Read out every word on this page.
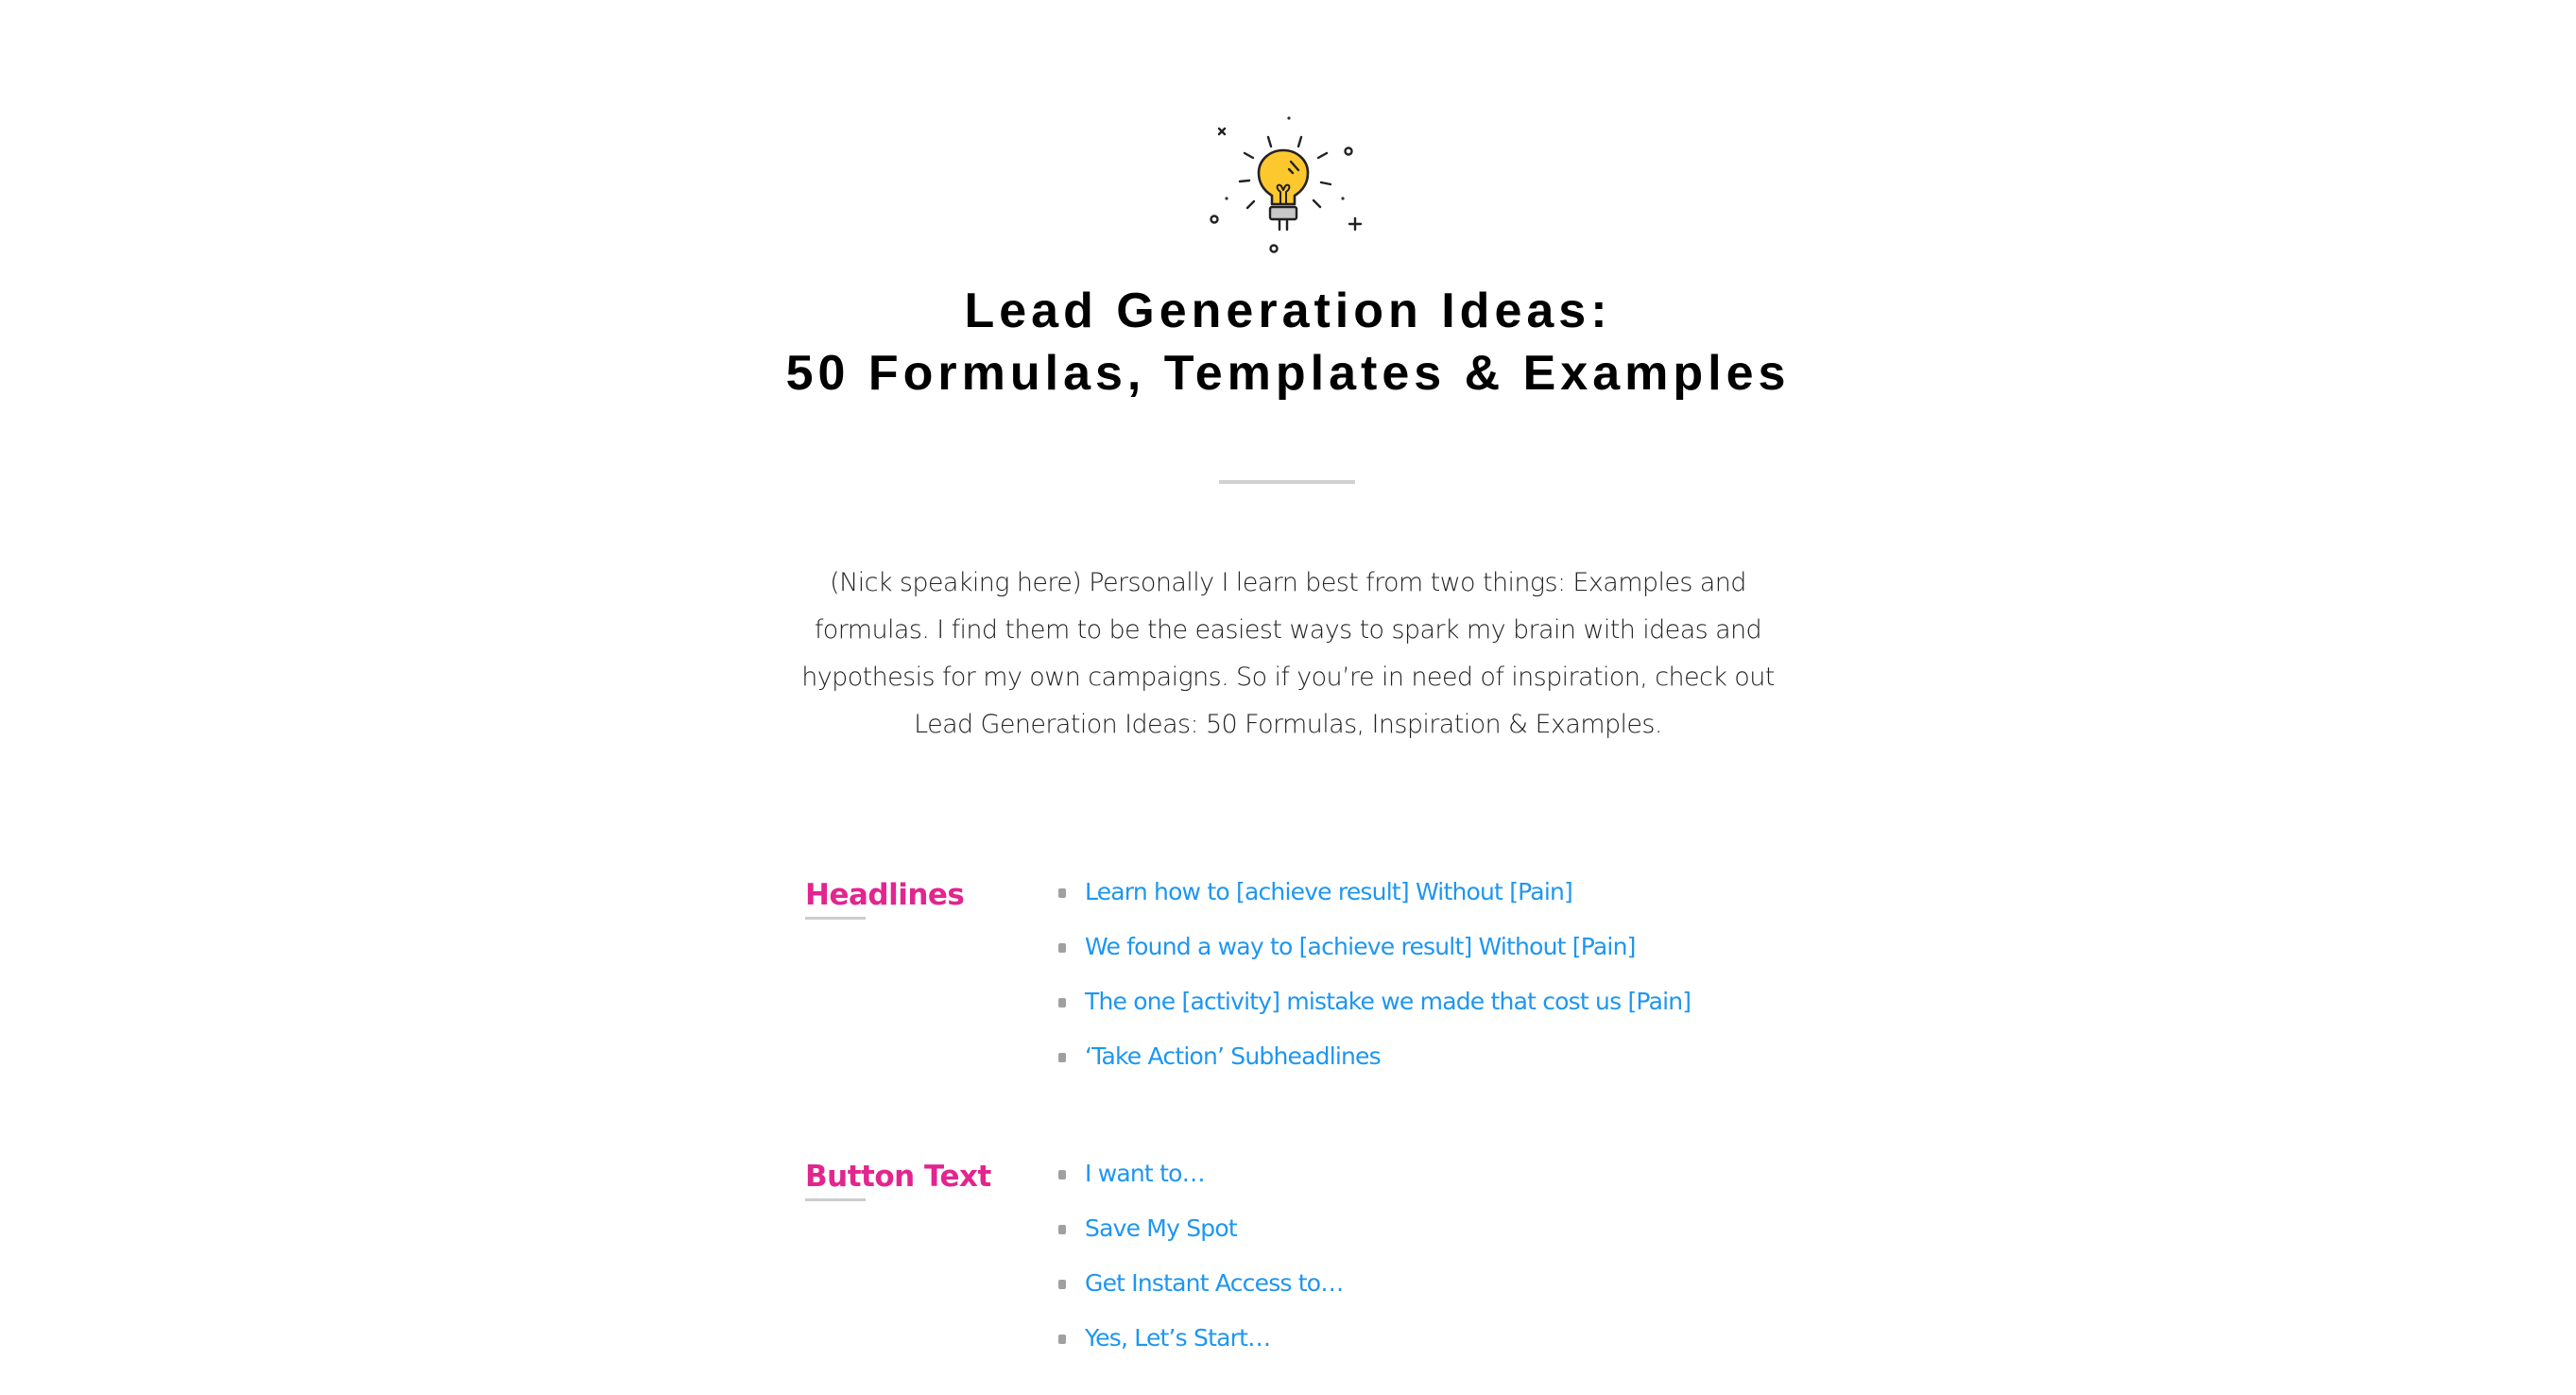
Lead Generation Ideas:
50 Formulas, Templates & Examples

(Nick speaking here) Personally I learn best from two things: Examples and formulas. I find them to be the easiest ways to spark my brain with ideas and hypothesis for my own campaigns. So if you’re in need of inspiration, check out Lead Generation Ideas: 50 Formulas, Inspiration & Examples.

Headlines	Learn how to [achieve result] Without [Pain]
We found a way to [achieve result] Without [Pain]
The one [activity] mistake we made that cost us [Pain]
‘Take Action’ Subheadlines
Button Text	I want to…
Save My Spot
Get Instant Access to…
Yes, Let’s Start…
